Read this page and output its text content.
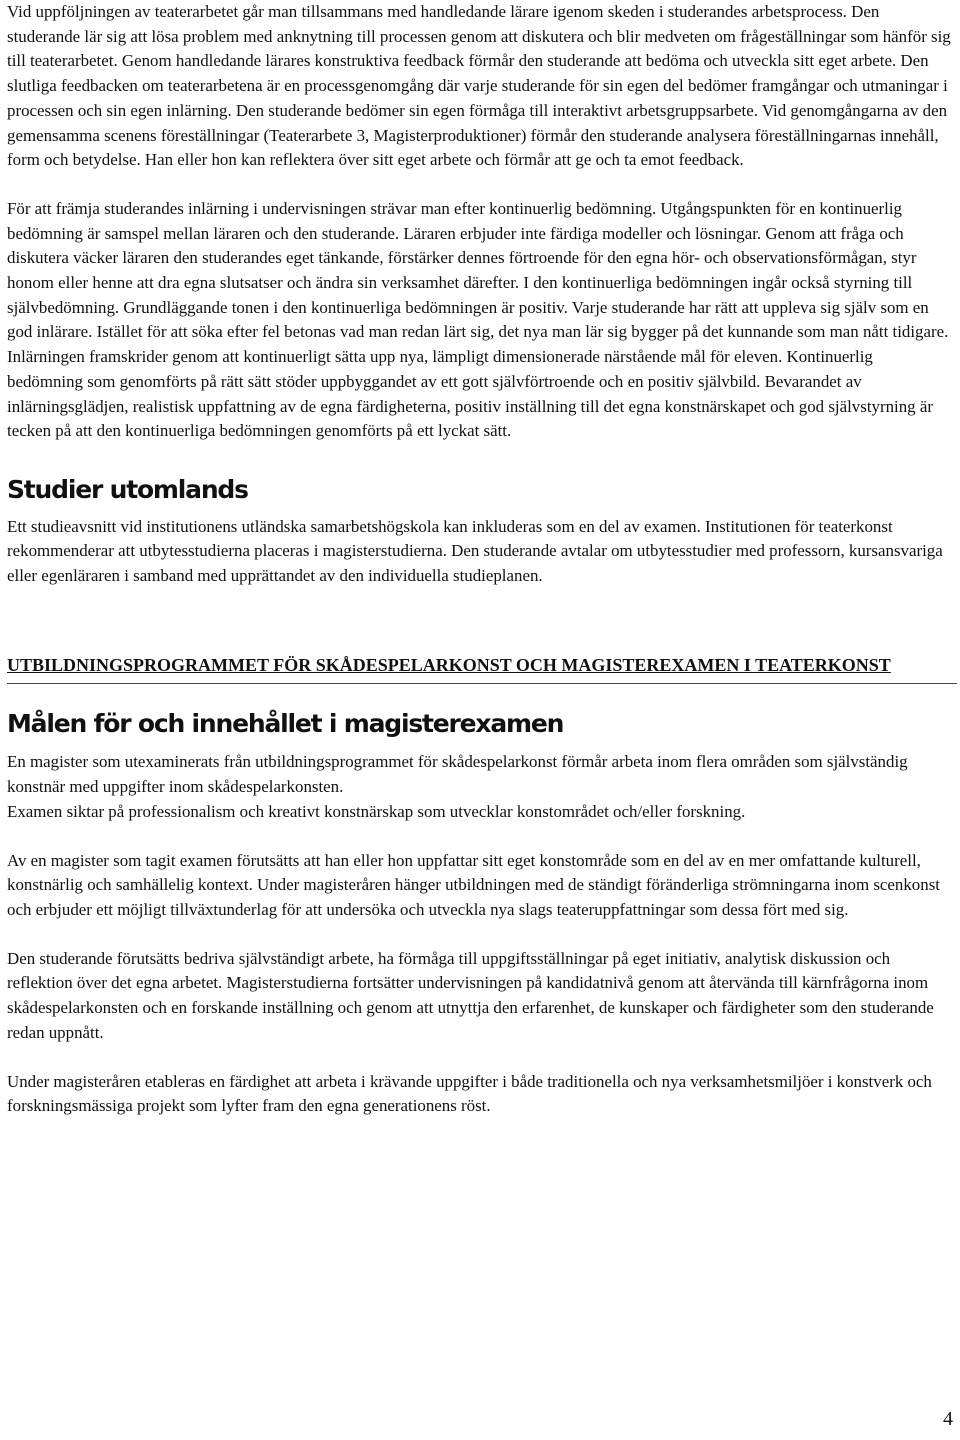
Vid uppföljningen av teaterarbetet går man tillsammans med handledande lärare igenom skeden i studerandes arbetsprocess. Den studerande lär sig att lösa problem med anknytning till processen genom att diskutera och blir medveten om frågeställningar som hänför sig till teaterarbetet. Genom handledande lärares konstruktiva feedback förmår den studerande att bedöma och utveckla sitt eget arbete. Den slutliga feedbacken om teaterarbetena är en processgenomgång där varje studerande för sin egen del bedömer framgångar och utmaningar i processen och sin egen inlärning. Den studerande bedömer sin egen förmåga till interaktivt arbetsgruppsarbete. Vid genomgångarna av den gemensamma scenens föreställningar (Teaterarbete 3, Magisterproduktioner) förmår den studerande analysera föreställningarnas innehåll, form och betydelse. Han eller hon kan reflektera över sitt eget arbete och förmår att ge och ta emot feedback.

För att främja studerandes inlärning i undervisningen strävar man efter kontinuerlig bedömning. Utgångspunkten för en kontinuerlig bedömning är samspel mellan läraren och den studerande. Läraren erbjuder inte färdiga modeller och lösningar. Genom att fråga och diskutera väcker läraren den studerandes eget tänkande, förstärker dennes förtroende för den egna hör- och observationsförmågan, styr honom eller henne att dra egna slutsatser och ändra sin verksamhet därefter. I den kontinuerliga bedömningen ingår också styrning till självbedömning. Grundläggande tonen i den kontinuerliga bedömningen är positiv. Varje studerande har rätt att uppleva sig själv som en god inlärare. Istället för att söka efter fel betonas vad man redan lärt sig, det nya man lär sig bygger på det kunnande som man nått tidigare. Inlärningen framskrider genom att kontinuerligt sätta upp nya, lämpligt dimensionerade närstående mål för eleven. Kontinuerlig bedömning som genomförts på rätt sätt stöder uppbyggandet av ett gott självförtroende och en positiv självbild. Bevarandet av inlärningsglädjen, realistisk uppfattning av de egna färdigheterna, positiv inställning till det egna konstnärskapet och god självstyrning är tecken på att den kontinuerliga bedömningen genomförts på ett lyckat sätt.

Studier utomlands

Ett studieavsnitt vid institutionens utländska samarbetshögskola kan inkluderas som en del av examen. Institutionen för teaterkonst rekommenderar att utbytesstudierna placeras i magisterstudierna. Den studerande avtalar om utbytesstudier med professorn, kursansvariga eller egenläraren i samband med upprättandet av den individuella studieplanen.

UTBILDNINGSPROGRAMMET FÖR SKÅDESPELARKONST OCH MAGISTEREXAMEN I TEATERKONST

Målen för och innehållet i magisterexamen

En magister som utexaminerats från utbildningsprogrammet för skådespelarkonst förmår arbeta inom flera områden som självständig konstnär med uppgifter inom skådespelarkonsten.

Examen siktar på professionalism och kreativt konstnärskap som utvecklar konstområdet och/eller forskning.

Av en magister som tagit examen förutsätts att han eller hon uppfattar sitt eget konstområde som en del av en mer omfattande kulturell, konstnärlig och samhällelig kontext. Under magisteråren hänger utbildningen med de ständigt föränderliga strömningarna inom scenkonst och erbjuder ett möjligt tillväxtunderlag för att undersöka och utveckla nya slags teateruppfattningar som dessa fört med sig.

Den studerande förutsätts bedriva självständigt arbete, ha förmåga till uppgiftsställningar på eget initiativ, analytisk diskussion och reflektion över det egna arbetet. Magisterstudierna fortsätter undervisningen på kandidatnivå genom att återvända till kärnfrågorna inom skådespelarkonsten och en forskande inställning och genom att utnyttja den erfarenhet, de kunskaper och färdigheter som den studerande redan uppnått.

Under magisteråren etableras en färdighet att arbeta i krävande uppgifter i både traditionella och nya verksamhetsmiljöer i konstverk och forskningsmässiga projekt som lyfter fram den egna generationens röst.

4
